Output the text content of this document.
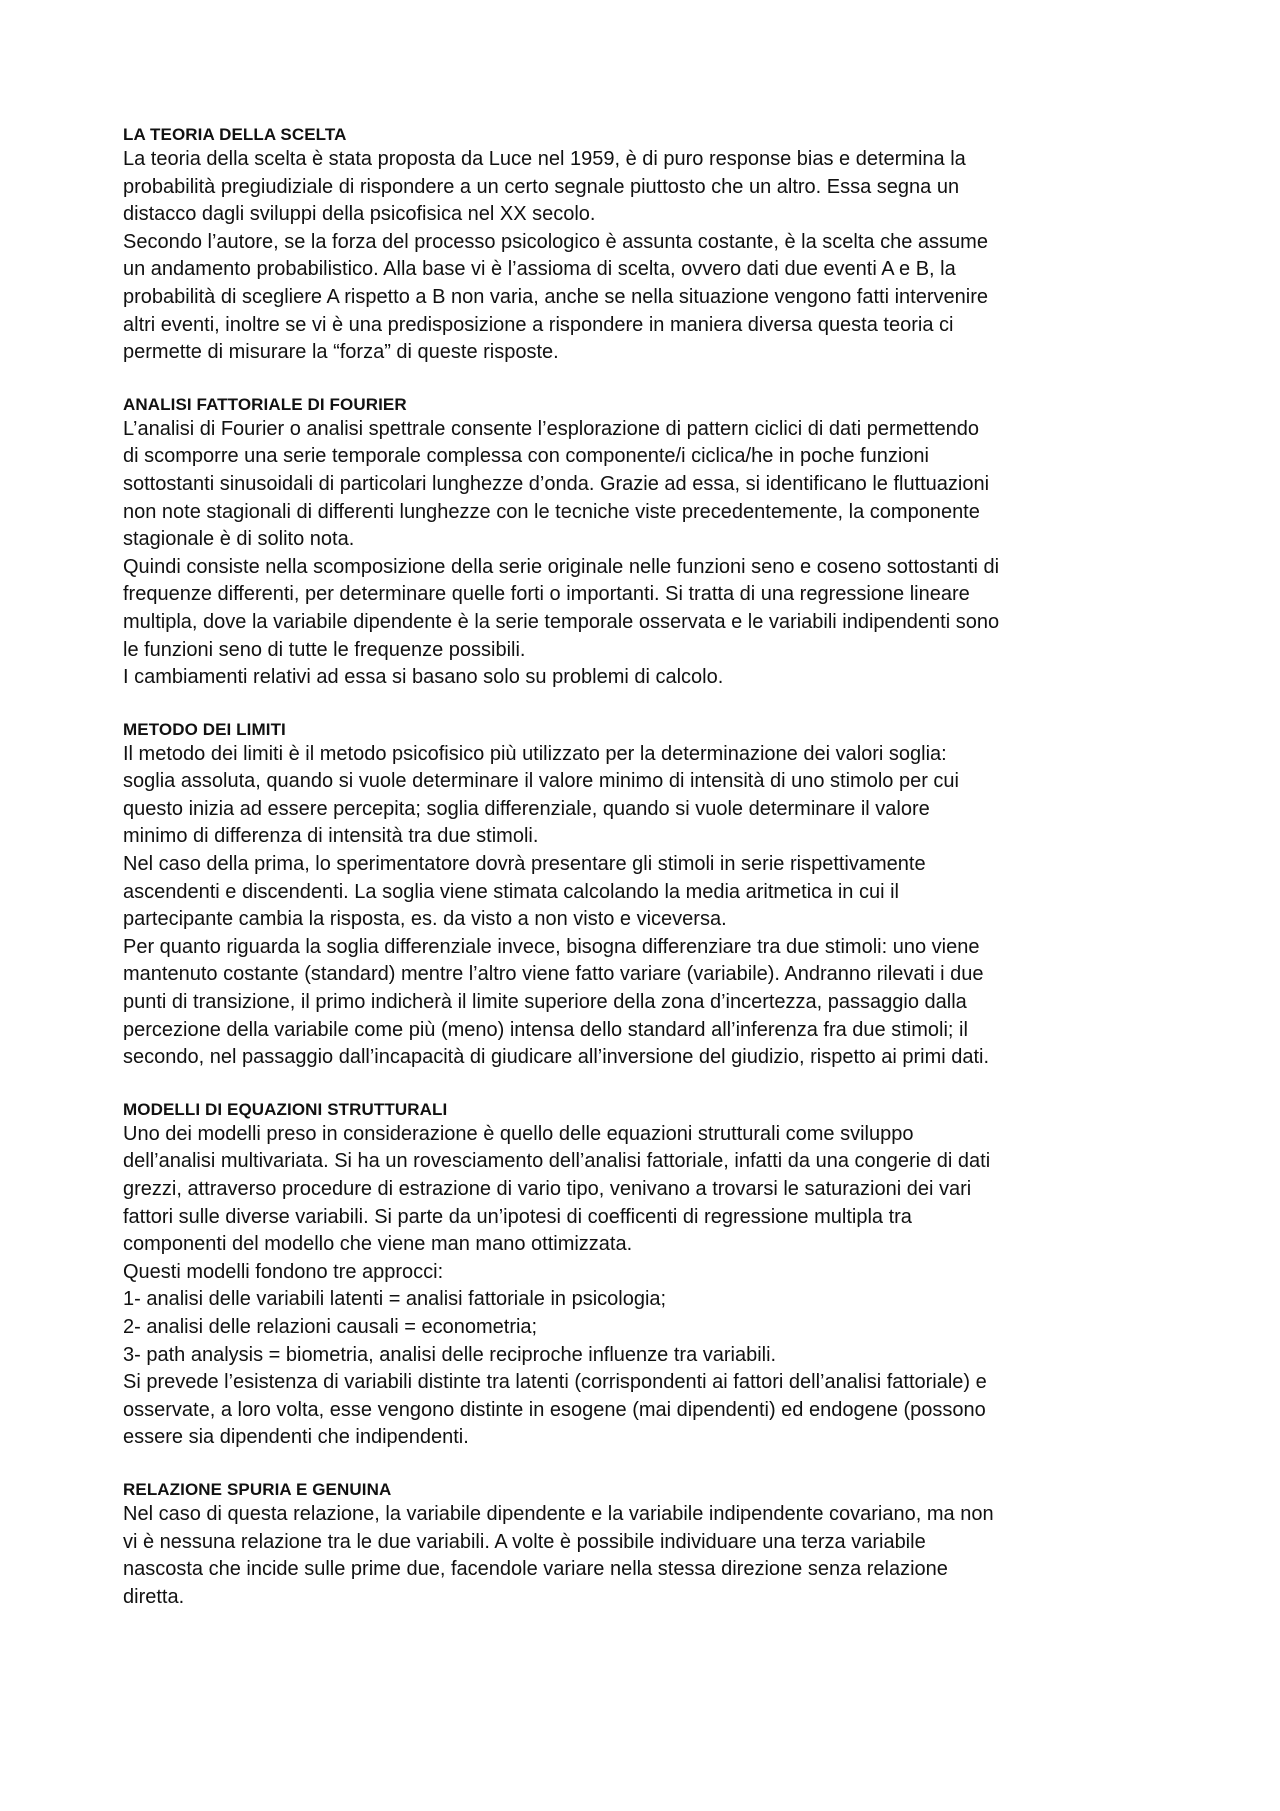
LA TEORIA DELLA SCELTA

La teoria della scelta è stata proposta da Luce nel 1959, è di puro response bias e determina la
probabilità pregiudiziale di rispondere a un certo segnale piuttosto che un altro. Essa segna un
distacco dagli sviluppi della psicofisica nel XX secolo.
Secondo l’autore, se la forza del processo psicologico è assunta costante, è la scelta che assume
un andamento probabilistico. Alla base vi è l’assioma di scelta, ovvero dati due eventi A e B, la
probabilità di scegliere A rispetto a B non varia, anche se nella situazione vengono fatti intervenire
altri eventi, inoltre se vi è una predisposizione a rispondere in maniera diversa questa teoria ci
permette di misurare la “forza” di queste risposte.

ANALISI FATTORIALE DI FOURIER

L’analisi di Fourier o analisi spettrale consente l’esplorazione di pattern ciclici di dati permettendo
di scomporre una serie temporale complessa con componente/i ciclica/he in poche funzioni
sottostanti sinusoidali di particolari lunghezze d’onda. Grazie ad essa, si identificano le fluttuazioni
non note stagionali di differenti lunghezze con le tecniche viste precedentemente, la componente
stagionale è di solito nota.
Quindi consiste nella scomposizione della serie originale nelle funzioni seno e coseno sottostanti di
frequenze differenti, per determinare quelle forti o importanti. Si tratta di una regressione lineare
multipla, dove la variabile dipendente è la serie temporale osservata e le variabili indipendenti sono
le funzioni seno di tutte le frequenze possibili.
I cambiamenti relativi ad essa si basano solo su problemi di calcolo.

METODO DEI LIMITI

Il metodo dei limiti è il metodo psicofisico più utilizzato per la determinazione dei valori soglia:
soglia assoluta, quando si vuole determinare il valore minimo di intensità di uno stimolo per cui
questo inizia ad essere percepita; soglia differenziale, quando si vuole determinare il valore
minimo di differenza di intensità tra due stimoli.
Nel caso della prima, lo sperimentatore dovrà presentare gli stimoli in serie rispettivamente
ascendenti e discendenti. La soglia viene stimata calcolando la media aritmetica in cui il
partecipante cambia la risposta, es. da visto a non visto e viceversa.
Per quanto riguarda la soglia differenziale invece, bisogna differenziare tra due stimoli: uno viene
mantenuto costante (standard) mentre l’altro viene fatto variare (variabile). Andranno rilevati i due
punti di transizione, il primo indicherà il limite superiore della zona d’incertezza, passaggio dalla
percezione della variabile come più (meno) intensa dello standard all’inferenza fra due stimoli; il
secondo, nel passaggio dall’incapacità di giudicare all’inversione del giudizio, rispetto ai primi dati.

MODELLI DI EQUAZIONI STRUTTURALI

Uno dei modelli preso in considerazione è quello delle equazioni strutturali come sviluppo
dell’analisi multivariata. Si ha un rovesciamento dell’analisi fattoriale, infatti da una congerie di dati
grezzi, attraverso procedure di estrazione di vario tipo, venivano a trovarsi le saturazioni dei vari
fattori sulle diverse variabili. Si parte da un’ipotesi di coefficenti di regressione multipla tra
componenti del modello che viene man mano ottimizzata.
Questi modelli fondono tre approcci:
1- analisi delle variabili latenti = analisi fattoriale in psicologia;
2- analisi delle relazioni causali = econometria;
3- path analysis = biometria, analisi delle reciproche influenze tra variabili.
Si prevede l’esistenza di variabili distinte tra latenti (corrispondenti ai fattori dell’analisi fattoriale) e
osservate, a loro volta, esse vengono distinte in esogene (mai dipendenti) ed endogene (possono
essere sia dipendenti che indipendenti.

RELAZIONE SPURIA E GENUINA

Nel caso di questa relazione, la variabile dipendente e la variabile indipendente covariano, ma non
vi è nessuna relazione tra le due variabili. A volte è possibile individuare una terza variabile
nascosta che incide sulle prime due, facendole variare nella stessa direzione senza relazione
diretta.
